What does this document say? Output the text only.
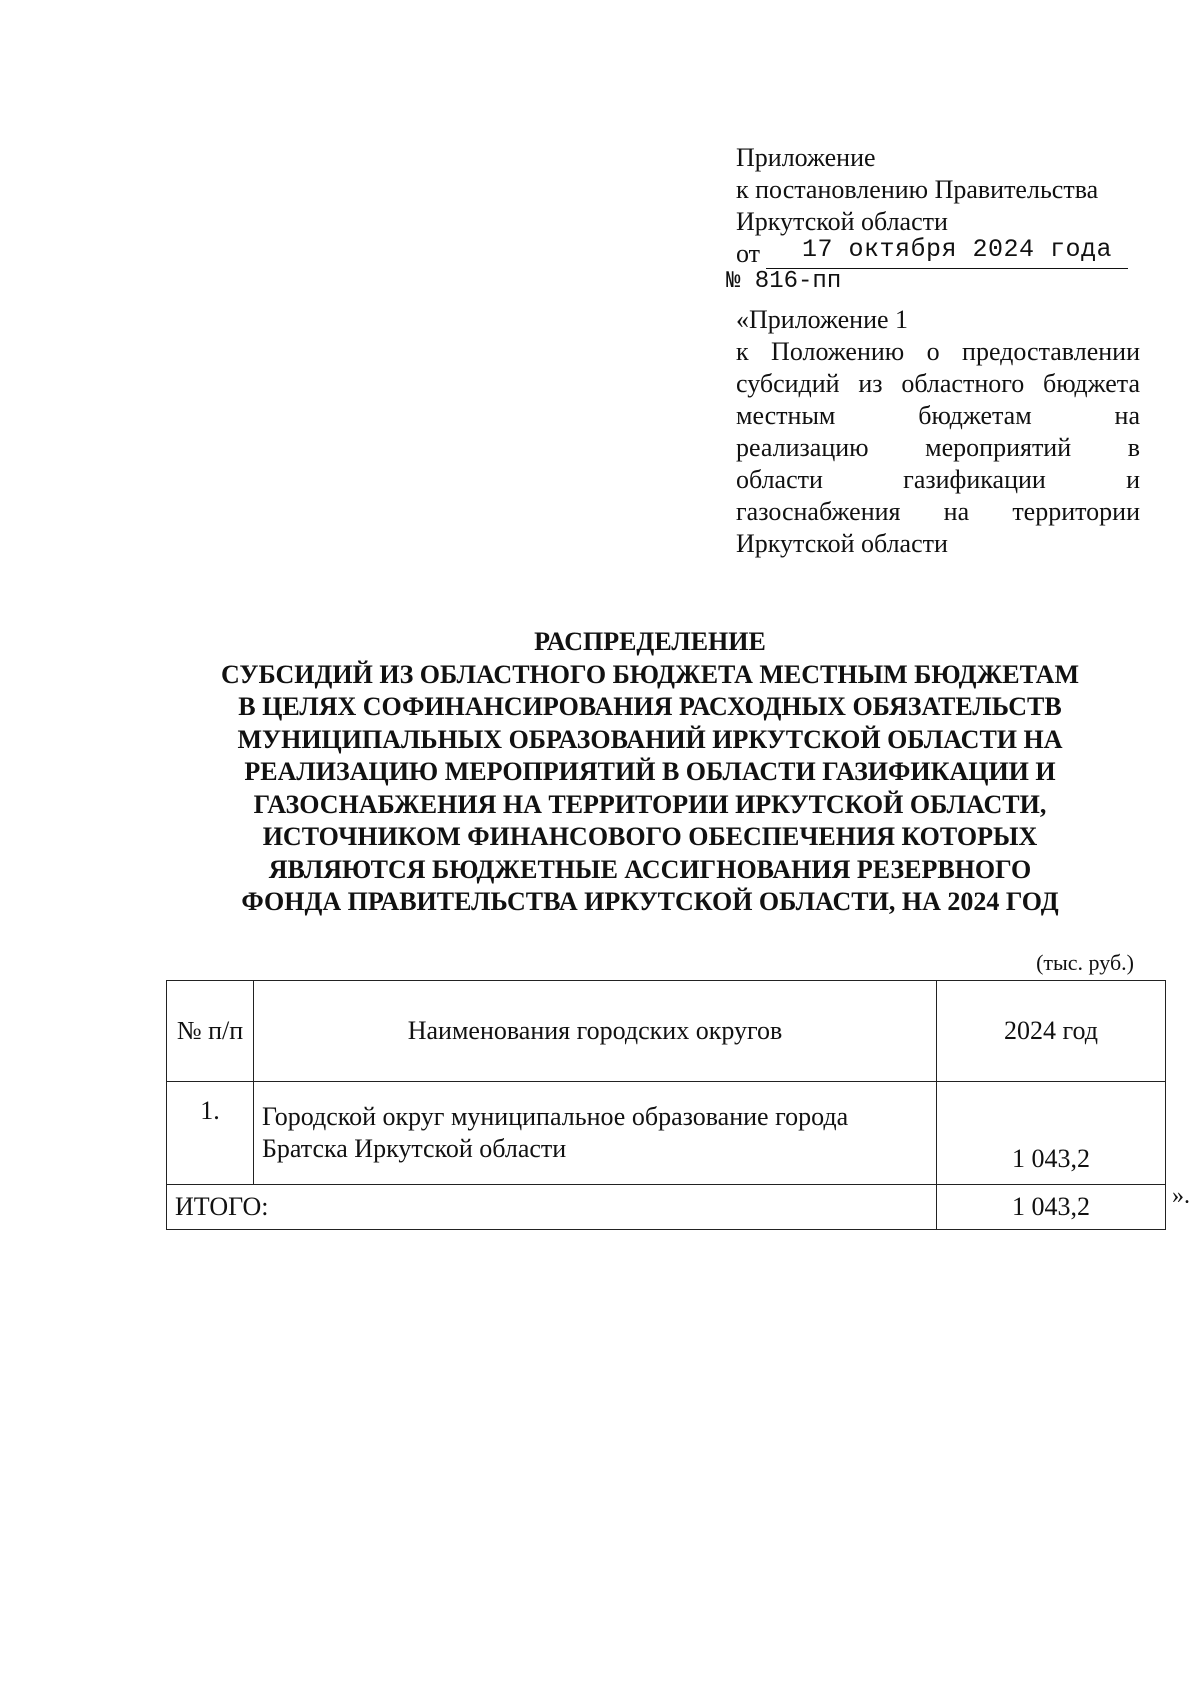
Приложение
к постановлению Правительства
Иркутской области
от 17 октября 2024 года
№ 816-пп
«Приложение 1
к Положению о предоставлении
субсидий из областного бюджета
местным бюджетам на
реализацию мероприятий в
области газификации и
газоснабжения на территории
Иркутской области
РАСПРЕДЕЛЕНИЕ
СУБСИДИЙ ИЗ ОБЛАСТНОГО БЮДЖЕТА МЕСТНЫМ БЮДЖЕТАМ
В ЦЕЛЯХ СОФИНАНСИРОВАНИЯ РАСХОДНЫХ ОБЯЗАТЕЛЬСТВ
МУНИЦИПАЛЬНЫХ ОБРАЗОВАНИЙ ИРКУТСКОЙ ОБЛАСТИ НА
РЕАЛИЗАЦИЮ МЕРОПРИЯТИЙ В ОБЛАСТИ ГАЗИФИКАЦИИ И
ГАЗОСНАБЖЕНИЯ НА ТЕРРИТОРИИ ИРКУТСКОЙ ОБЛАСТИ,
ИСТОЧНИКОМ ФИНАНСОВОГО ОБЕСПЕЧЕНИЯ КОТОРЫХ
ЯВЛЯЮТСЯ БЮДЖЕТНЫЕ АССИГНОВАНИЯ РЕЗЕРВНОГО
ФОНДА ПРАВИТЕЛЬСТВА ИРКУТСКОЙ ОБЛАСТИ, НА 2024 ГОД
(тыс. руб.)
№ п/п	Наименования городских округов	2024 год
1.	Городской округ муниципальное образование города
Братска Иркутской области	1 043,2
ИТОГО:		1 043,2	».
